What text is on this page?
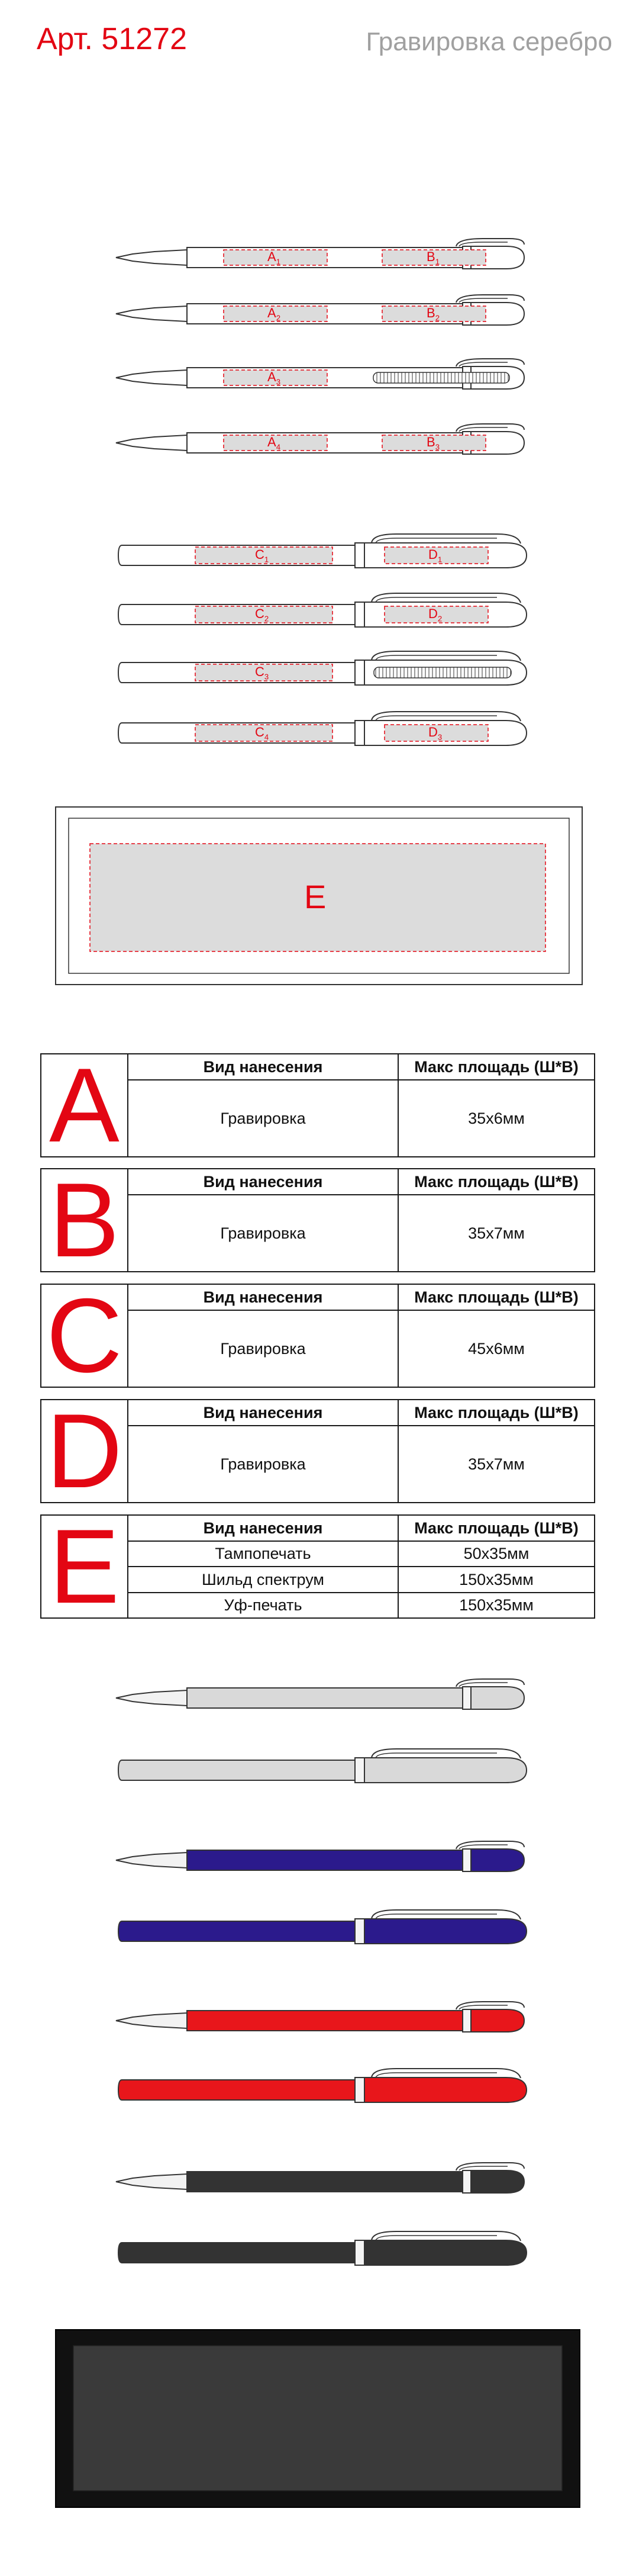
Арт. 51272	Гравировка серебро
$A_1$	$B_1$
$A_2$	$B_2$
$A_3$
$A_4$	$B_3$
$C_1$	$D_1$
$C_2$	$D_2$
$C_3$
$C_4$	$D_3$
E
A	Вид нанесения	Макс площадь (Ш*В)
Гравировка	35х6мм
B	Вид нанесения	Макс площадь (Ш*В)
Гравировка	35х7мм
C	Вид нанесения	Макс площадь (Ш*В)
Гравировка	45х6мм
D	Вид нанесения	Макс площадь (Ш*В)
Гравировка	35х7мм
E	Вид нанесения	Макс площадь (Ш*В)
Тампопечать	50х35мм
Шильд спектрум	150х35мм
Уф-печать	150х35мм
